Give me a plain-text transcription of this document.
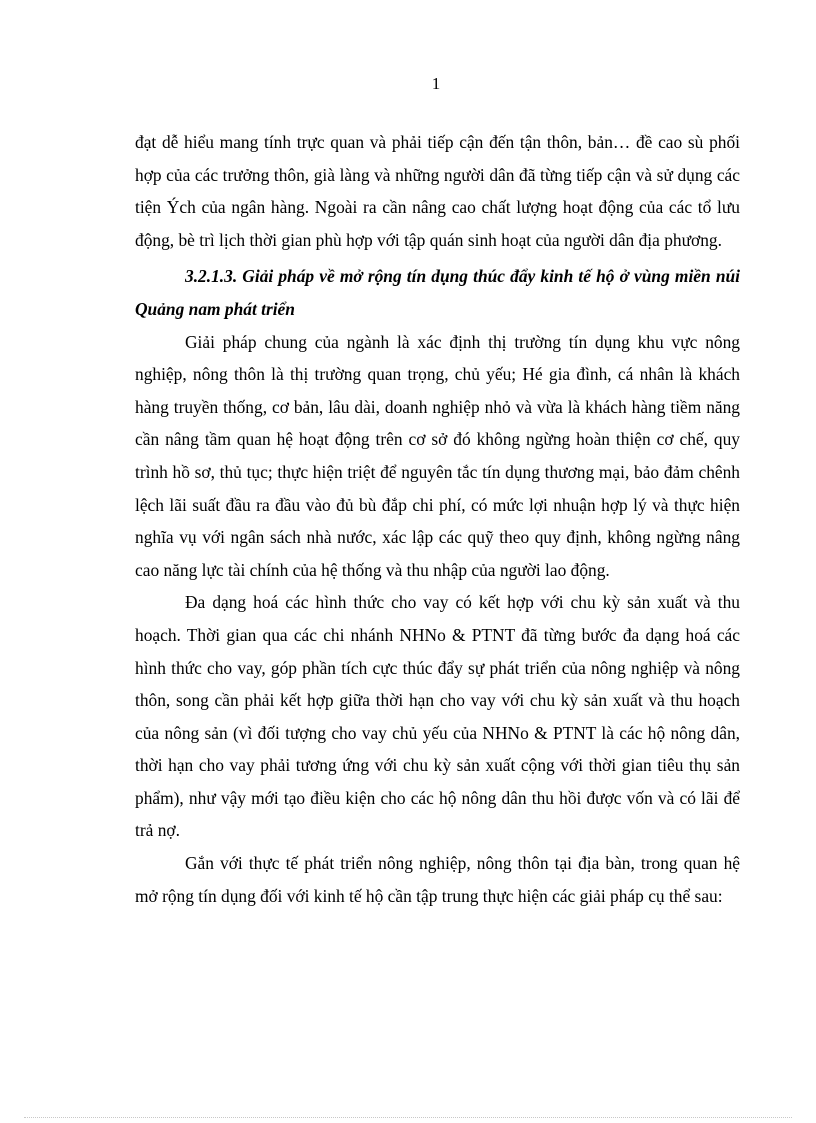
1

đạt dễ hiểu mang tính trực quan và phải tiếp cận đến tận thôn, bản… đề cao sù phối hợp của các trưởng thôn, già làng và những người dân đã từng tiếp cận và sử dụng các tiện Ých của ngân hàng. Ngoài ra cần nâng cao chất lượng hoạt động của các tổ lưu động, bè trì lịch thời gian phù hợp với tập quán sinh hoạt của người dân địa phương.

3.2.1.3. Giải pháp về mở rộng tín dụng thúc đẩy kinh tế hộ ở vùng miền núi Quảng nam phát triển

Giải pháp chung của ngành là xác định thị trường tín dụng khu vực nông nghiệp, nông thôn là thị trường quan trọng, chủ yếu; Hé gia đình, cá nhân là khách hàng truyền thống, cơ bản, lâu dài, doanh nghiệp nhỏ và vừa là khách hàng tiềm năng cần nâng tầm quan hệ hoạt động trên cơ sở đó không ngừng hoàn thiện cơ chế, quy trình hồ sơ, thủ tục; thực hiện triệt để nguyên tắc tín dụng thương mại, bảo đảm chênh lệch lãi suất đầu ra đầu vào đủ bù đắp chi phí, có mức lợi nhuận hợp lý và thực hiện nghĩa vụ với ngân sách nhà nước, xác lập các quỹ theo quy định, không ngừng nâng cao năng lực tài chính của hệ thống và thu nhập của người lao động.

Đa dạng hoá các hình thức cho vay có kết hợp với chu kỳ sản xuất và thu hoạch. Thời gian qua các chi nhánh NHNo & PTNT đã từng bước đa dạng hoá các hình thức cho vay, góp phần tích cực thúc đẩy sự phát triển của nông nghiệp và nông thôn, song cần phải kết hợp giữa thời hạn cho vay với chu kỳ sản xuất và thu hoạch của nông sản (vì đối tượng cho vay chủ yếu của NHNo & PTNT là các hộ nông dân, thời hạn cho vay phải tương ứng với chu kỳ sản xuất cộng với thời gian tiêu thụ sản phẩm), như vậy mới tạo điều kiện cho các hộ nông dân thu hồi được vốn và có lãi để trả nợ.

Gắn với thực tế phát triển nông nghiệp, nông thôn tại địa bàn, trong quan hệ mở rộng tín dụng đối với kinh tế hộ cần tập trung thực hiện các giải pháp cụ thể sau:
